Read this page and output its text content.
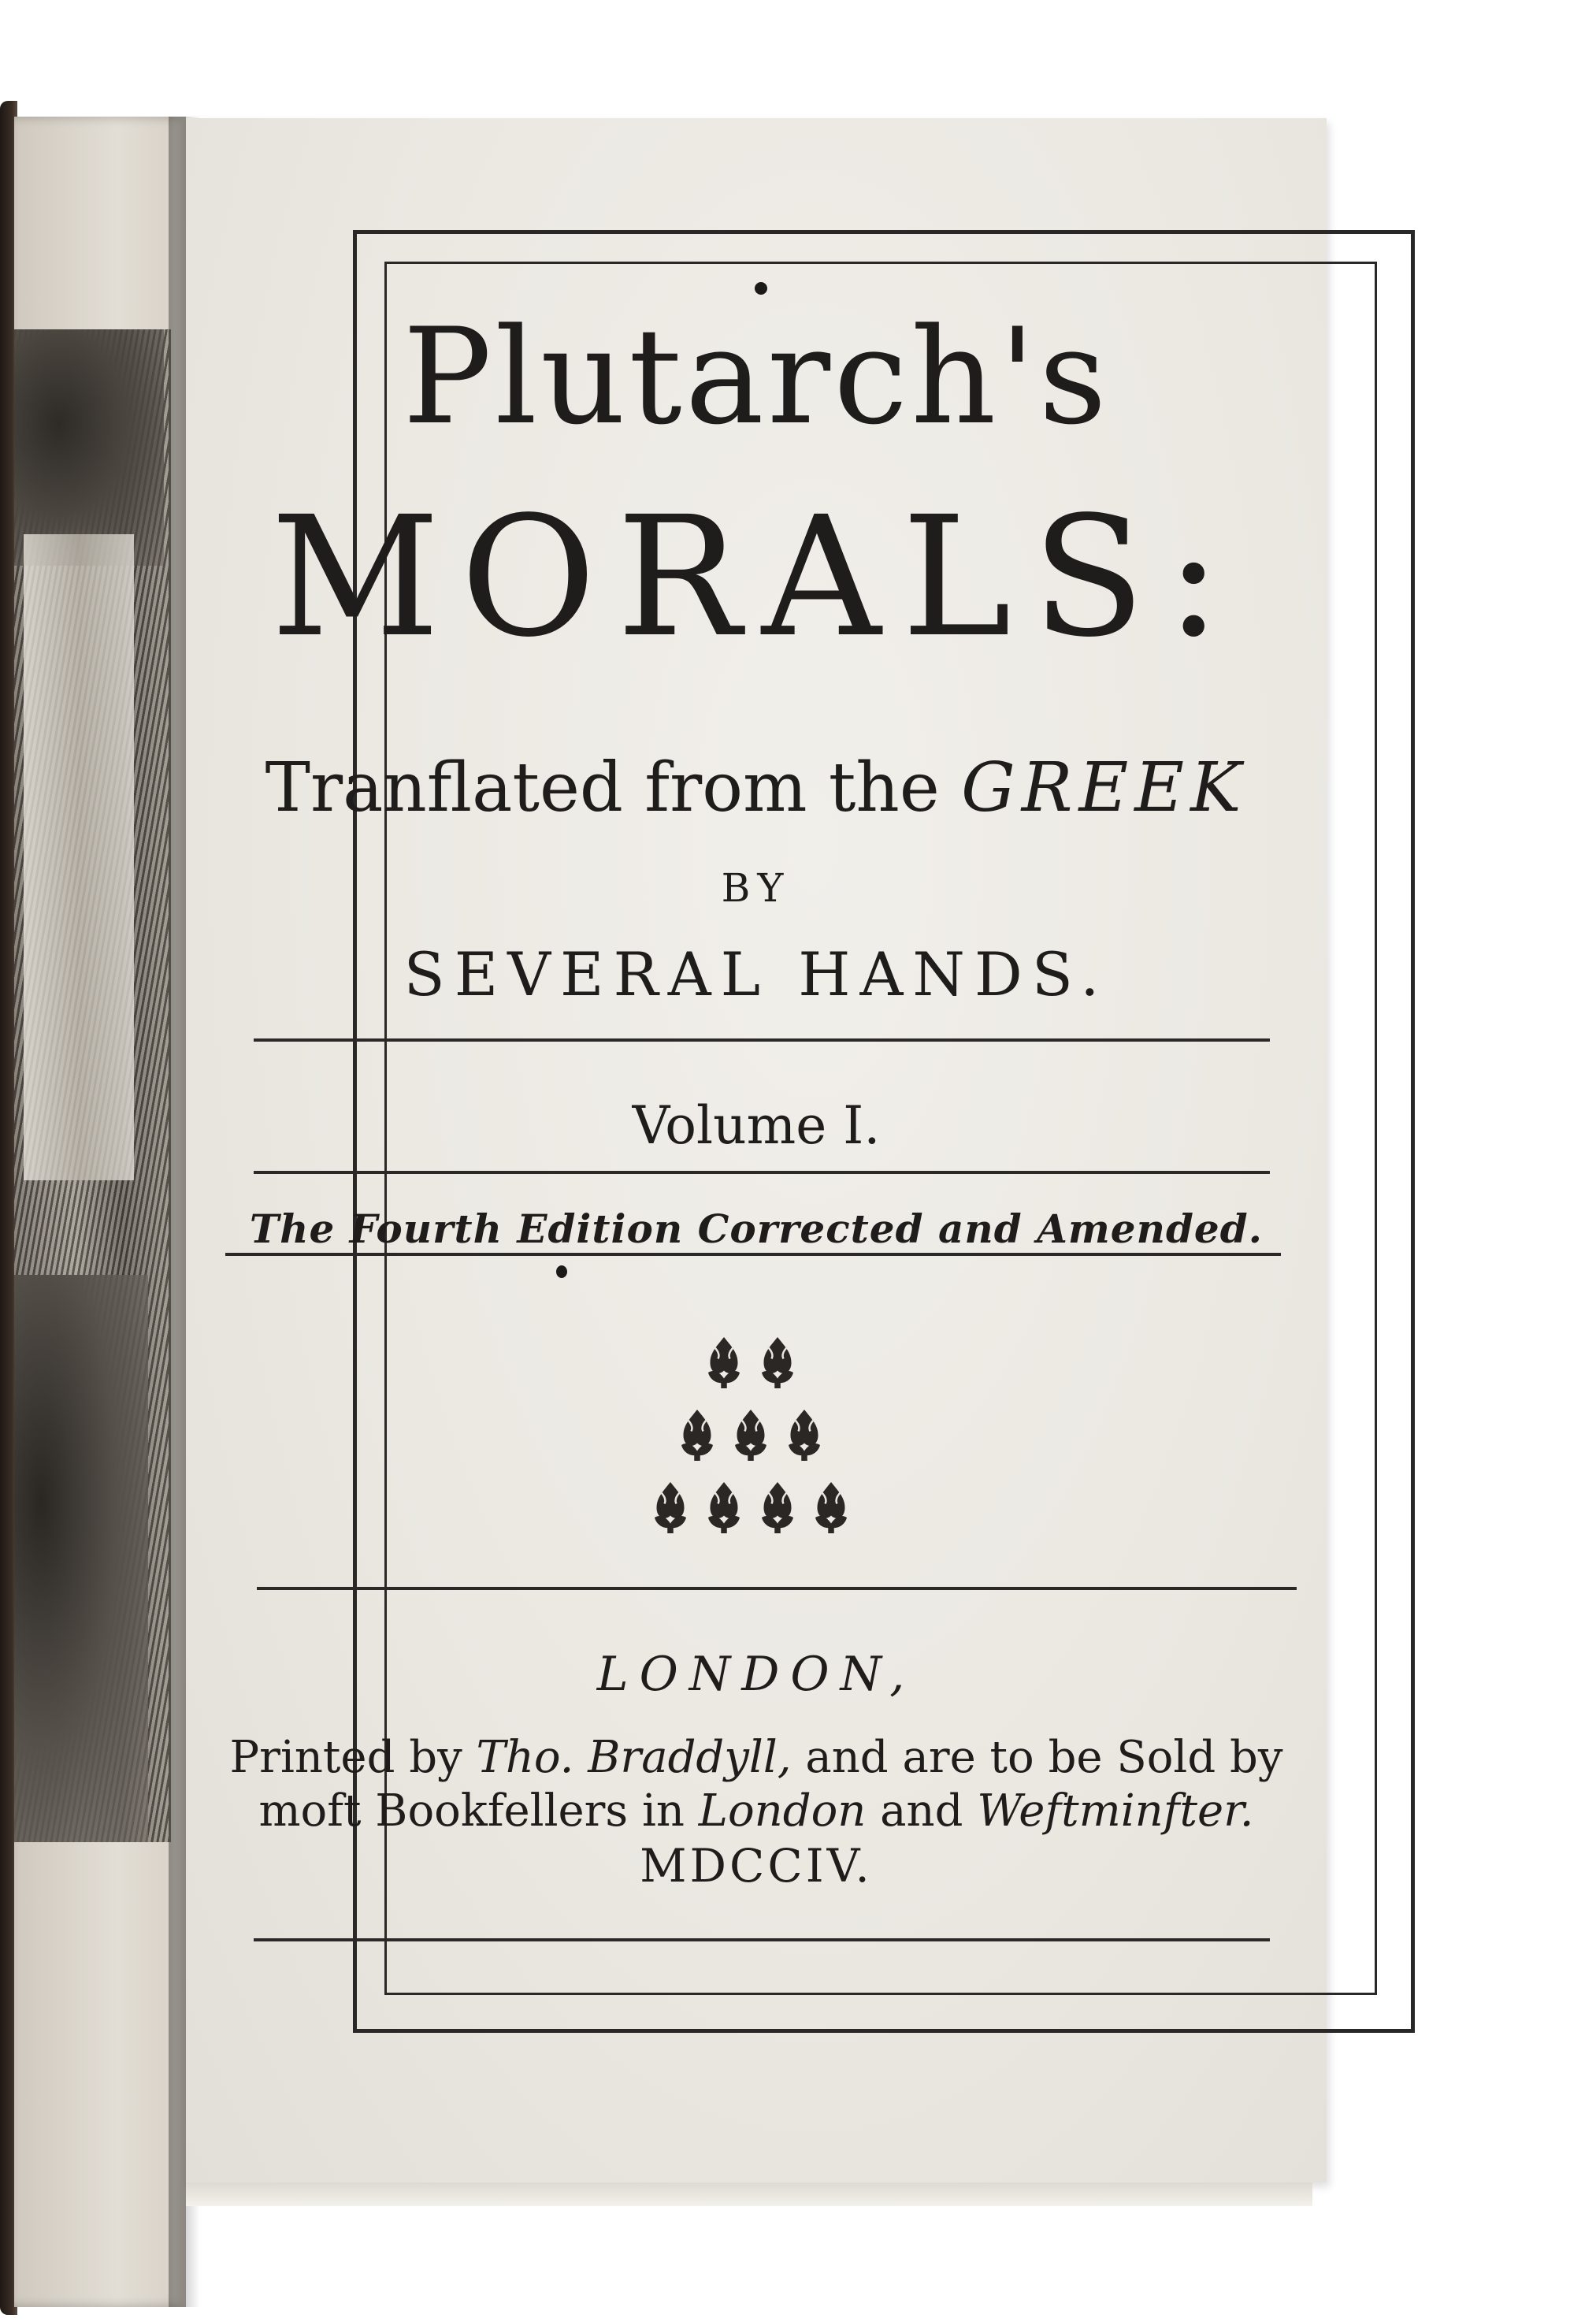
Plutarch's
MORALS:
Tranflated from the GREEK
BY
SEVERAL HANDS.
Volume I.
The Fourth Edition Corrected and Amended.
LONDON,
Printed by Tho. Braddyll, and are to be Sold by
moft Bookfellers in London and Weftminfter.
MDCCIV.
